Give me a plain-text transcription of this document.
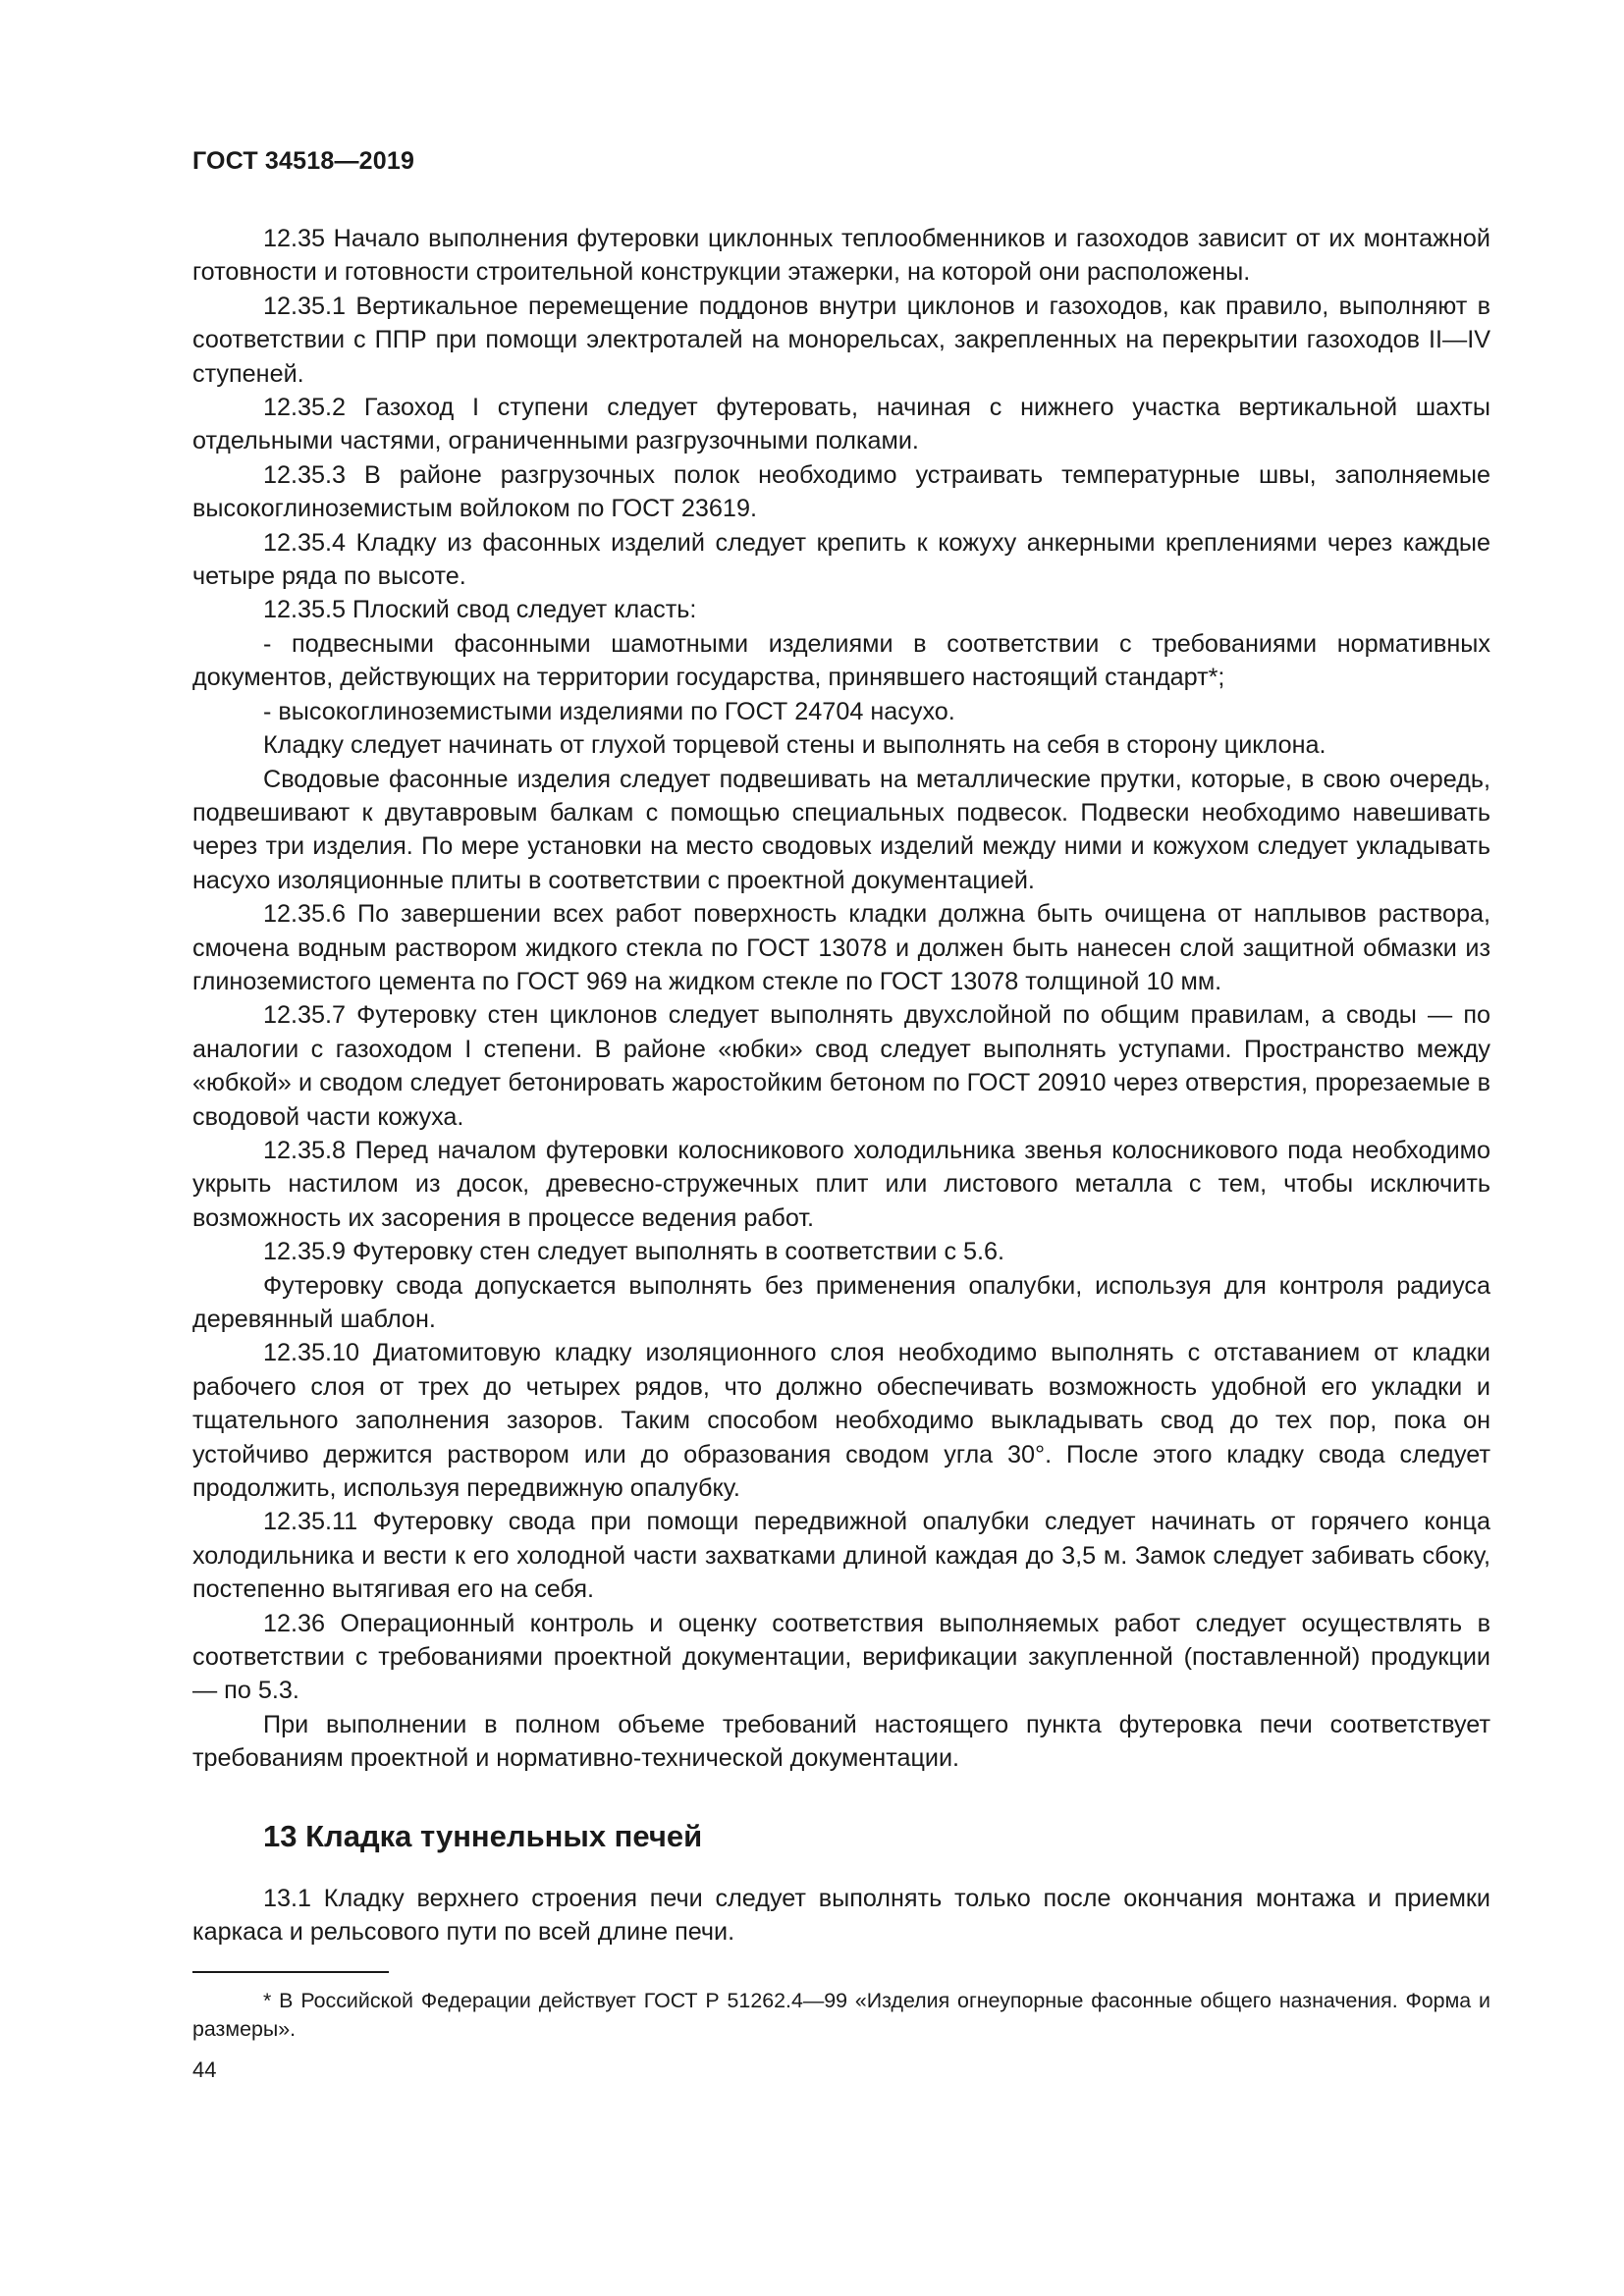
ГОСТ 34518—2019

12.35 Начало выполнения футеровки циклонных теплообменников и газоходов зависит от их монтажной готовности и готовности строительной конструкции этажерки, на которой они расположены.

12.35.1 Вертикальное перемещение поддонов внутри циклонов и газоходов, как правило, выполняют в соответствии с ППР при помощи электроталей на монорельсах, закрепленных на перекрытии газоходов II—IV ступеней.

12.35.2 Газоход I ступени следует футеровать, начиная с нижнего участка вертикальной шахты отдельными частями, ограниченными разгрузочными полками.

12.35.3 В районе разгрузочных полок необходимо устраивать температурные швы, заполняемые высокоглиноземистым войлоком по ГОСТ 23619.

12.35.4 Кладку из фасонных изделий следует крепить к кожуху анкерными креплениями через каждые четыре ряда по высоте.

12.35.5 Плоский свод следует класть:

- подвесными фасонными шамотными изделиями в соответствии с требованиями нормативных документов, действующих на территории государства, принявшего настоящий стандарт*;

- высокоглиноземистыми изделиями по ГОСТ 24704 насухо.

Кладку следует начинать от глухой торцевой стены и выполнять на себя в сторону циклона.

Сводовые фасонные изделия следует подвешивать на металлические прутки, которые, в свою очередь, подвешивают к двутавровым балкам с помощью специальных подвесок. Подвески необходимо навешивать через три изделия. По мере установки на место сводовых изделий между ними и кожухом следует укладывать насухо изоляционные плиты в соответствии с проектной документацией.

12.35.6 По завершении всех работ поверхность кладки должна быть очищена от наплывов раствора, смочена водным раствором жидкого стекла по ГОСТ 13078 и должен быть нанесен слой защитной обмазки из глиноземистого цемента по ГОСТ 969 на жидком стекле по ГОСТ 13078 толщиной 10 мм.

12.35.7 Футеровку стен циклонов следует выполнять двухслойной по общим правилам, а своды — по аналогии с газоходом I степени. В районе «юбки» свод следует выполнять уступами. Пространство между «юбкой» и сводом следует бетонировать жаростойким бетоном по ГОСТ 20910 через отверстия, прорезаемые в сводовой части кожуха.

12.35.8 Перед началом футеровки колосникового холодильника звенья колосникового пода необходимо укрыть настилом из досок, древесно-стружечных плит или листового металла с тем, чтобы исключить возможность их засорения в процессе ведения работ.

12.35.9 Футеровку стен следует выполнять в соответствии с 5.6.

Футеровку свода допускается выполнять без применения опалубки, используя для контроля радиуса деревянный шаблон.

12.35.10 Диатомитовую кладку изоляционного слоя необходимо выполнять с отставанием от кладки рабочего слоя от трех до четырех рядов, что должно обеспечивать возможность удобной его укладки и тщательного заполнения зазоров. Таким способом необходимо выкладывать свод до тех пор, пока он устойчиво держится раствором или до образования сводом угла 30°. После этого кладку свода следует продолжить, используя передвижную опалубку.

12.35.11 Футеровку свода при помощи передвижной опалубки следует начинать от горячего конца холодильника и вести к его холодной части захватками длиной каждая до 3,5 м. Замок следует забивать сбоку, постепенно вытягивая его на себя.

12.36 Операционный контроль и оценку соответствия выполняемых работ следует осуществлять в соответствии с требованиями проектной документации, верификации закупленной (поставленной) продукции — по 5.3.

При выполнении в полном объеме требований настоящего пункта футеровка печи соответствует требованиям проектной и нормативно-технической документации.

13 Кладка туннельных печей

13.1 Кладку верхнего строения печи следует выполнять только после окончания монтажа и приемки каркаса и рельсового пути по всей длине печи.

* В Российской Федерации действует ГОСТ Р 51262.4—99 «Изделия огнеупорные фасонные общего назначения. Форма и размеры».

44
